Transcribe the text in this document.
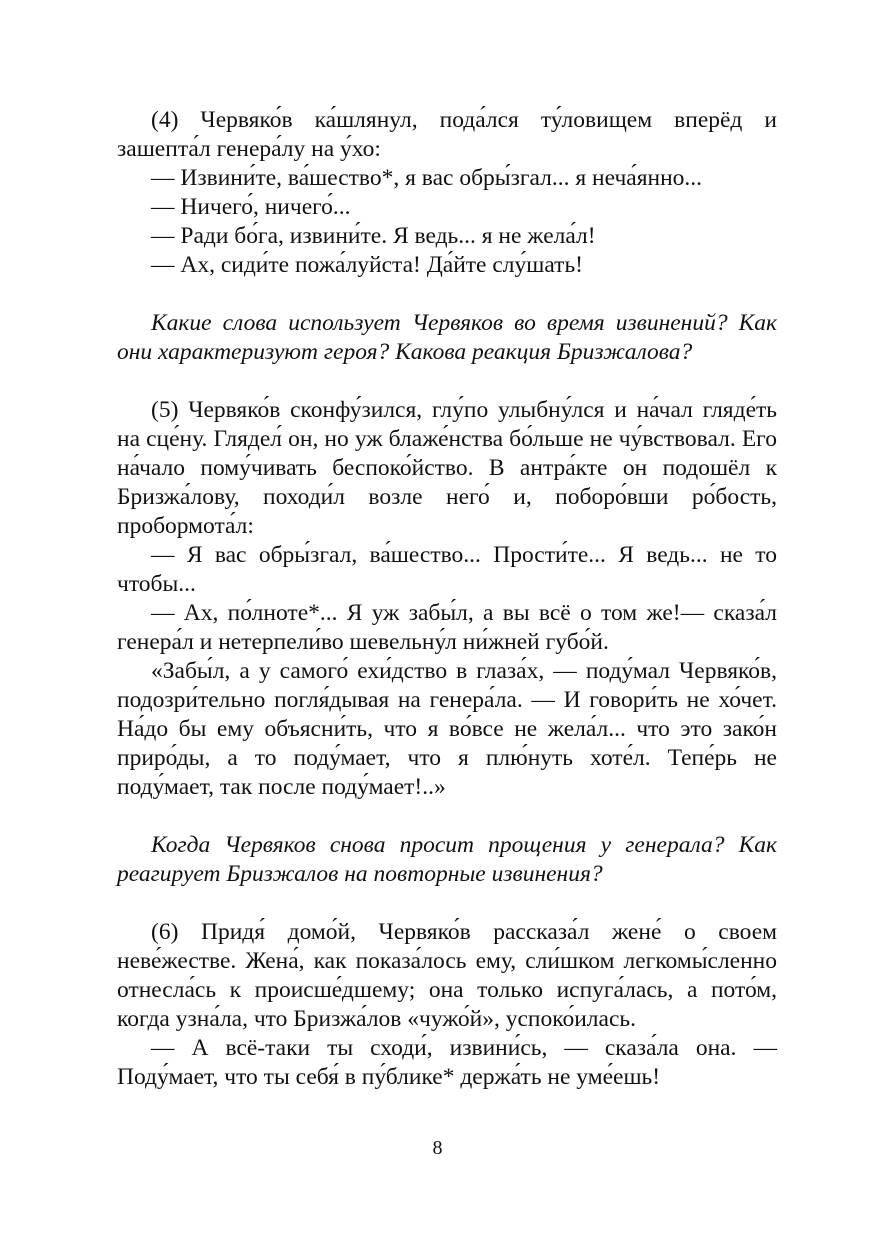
(4) Червяко́в ка́шлянул, пода́лся ту́ловищем вперёд и зашепта́л генера́лу на у́хо:

— Извини́те, ва́шество*, я вас обры́згал... я неча́янно...

— Ничего́, ничего́...

— Ради бо́га, извини́те. Я ведь... я не жела́л!

— Ах, сиди́те пожа́луйста! Да́йте слу́шать!

Какие слова использует Червяков во время извинений? Как они характеризуют героя? Какова реакция Бризжалова?

(5) Червяко́в сконфу́зился, глу́по улыбну́лся и на́чал гляде́ть на сце́ну. Глядел́ он, но уж блаже́нства бо́льше не чу́вствовал. Его на́чало пому́чивать беспоко́йство. В антра́кте он подошёл к Бризжа́лову, походи́л возле него́ и, поборо́вши ро́бость, пробормота́л:

— Я вас обры́згал, ва́шество... Прости́те... Я ведь... не то чтобы...

— Ах, по́лноте*... Я уж забы́л, а вы всё о том же!— сказа́л генера́л и нетерпели́во шевельну́л ни́жней губо́й.

«Забы́л, а у самого́ ехи́дство в глаза́х, — поду́мал Червяко́в, подозри́тельно погля́дывая на генера́ла. — И говори́ть не хо́чет. На́до бы ему объясни́ть, что я во́все не жела́л... что это зако́н приро́ды, а то поду́мает, что я плю́нуть хоте́л. Тепе́рь не поду́мает, так после поду́мает!..»

Когда Червяков снова просит прощения у генерала? Как реагирует Бризжалов на повторные извинения?

(6) Придя́ домо́й, Червяко́в рассказа́л жене́ о своем неве́жестве. Жена́, как показа́лось ему, сли́шком легкомы́сленно отнесла́сь к происше́дшему; она только испуга́лась, а пото́м, когда узна́ла, что Бризжа́лов «чужо́й», успоко́илась.

— А всё-таки ты сходи́, извини́сь, — сказа́ла она. — Поду́мает, что ты себя́ в пу́блике* держа́ть не уме́ешь!

8
